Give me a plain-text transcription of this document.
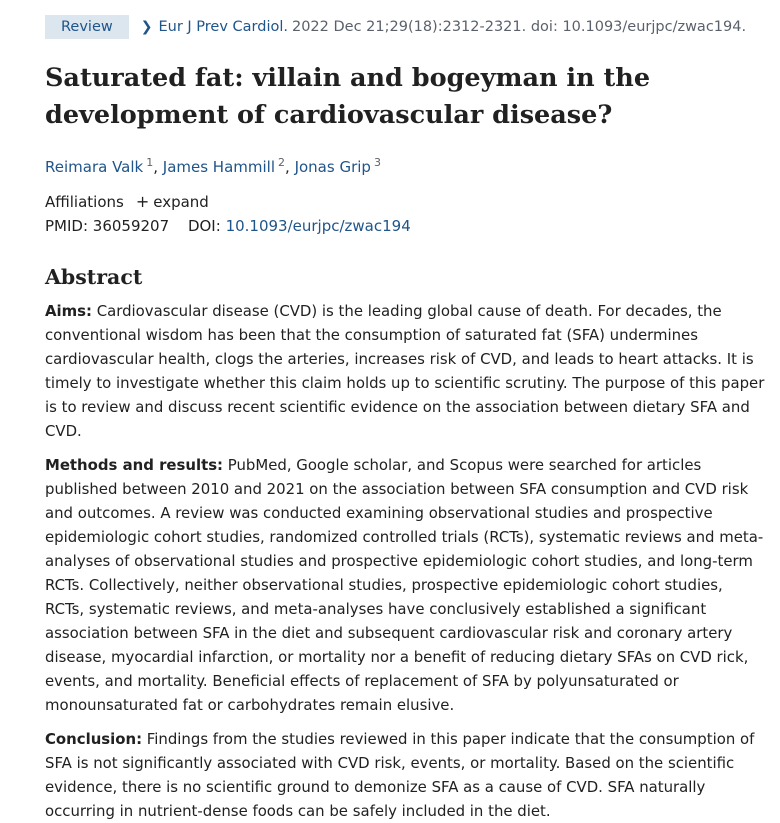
Review	❯ Eur J Prev Cardiol. 2022 Dec 21;29(18):2312-2321. doi: 10.1093/eurjpc/zwac194.
Saturated fat: villain and bogeyman in the development of cardiovascular disease?
Reimara Valk $^1$, James Hammill $^2$, Jonas Grip $^3$
Affiliations + expand
PMID: 36059207 DOI: 10.1093/eurjpc/zwac194
Abstract
Aims: Cardiovascular disease (CVD) is the leading global cause of death. For decades, the conventional wisdom has been that the consumption of saturated fat (SFA) undermines cardiovascular health, clogs the arteries, increases risk of CVD, and leads to heart attacks. It is timely to investigate whether this claim holds up to scientific scrutiny. The purpose of this paper is to review and discuss recent scientific evidence on the association between dietary SFA and CVD.
Methods and results: PubMed, Google scholar, and Scopus were searched for articles published between 2010 and 2021 on the association between SFA consumption and CVD risk and outcomes. A review was conducted examining observational studies and prospective epidemiologic cohort studies, randomized controlled trials (RCTs), systematic reviews and meta-analyses of observational studies and prospective epidemiologic cohort studies, and long-term RCTs. Collectively, neither observational studies, prospective epidemiologic cohort studies, RCTs, systematic reviews, and meta-analyses have conclusively established a significant association between SFA in the diet and subsequent cardiovascular risk and coronary artery disease, myocardial infarction, or mortality nor a benefit of reducing dietary SFAs on CVD rick, events, and mortality. Beneficial effects of replacement of SFA by polyunsaturated or monounsaturated fat or carbohydrates remain elusive.
Conclusion: Findings from the studies reviewed in this paper indicate that the consumption of SFA is not significantly associated with CVD risk, events, or mortality. Based on the scientific evidence, there is no scientific ground to demonize SFA as a cause of CVD. SFA naturally occurring in nutrient-dense foods can be safely included in the diet.
